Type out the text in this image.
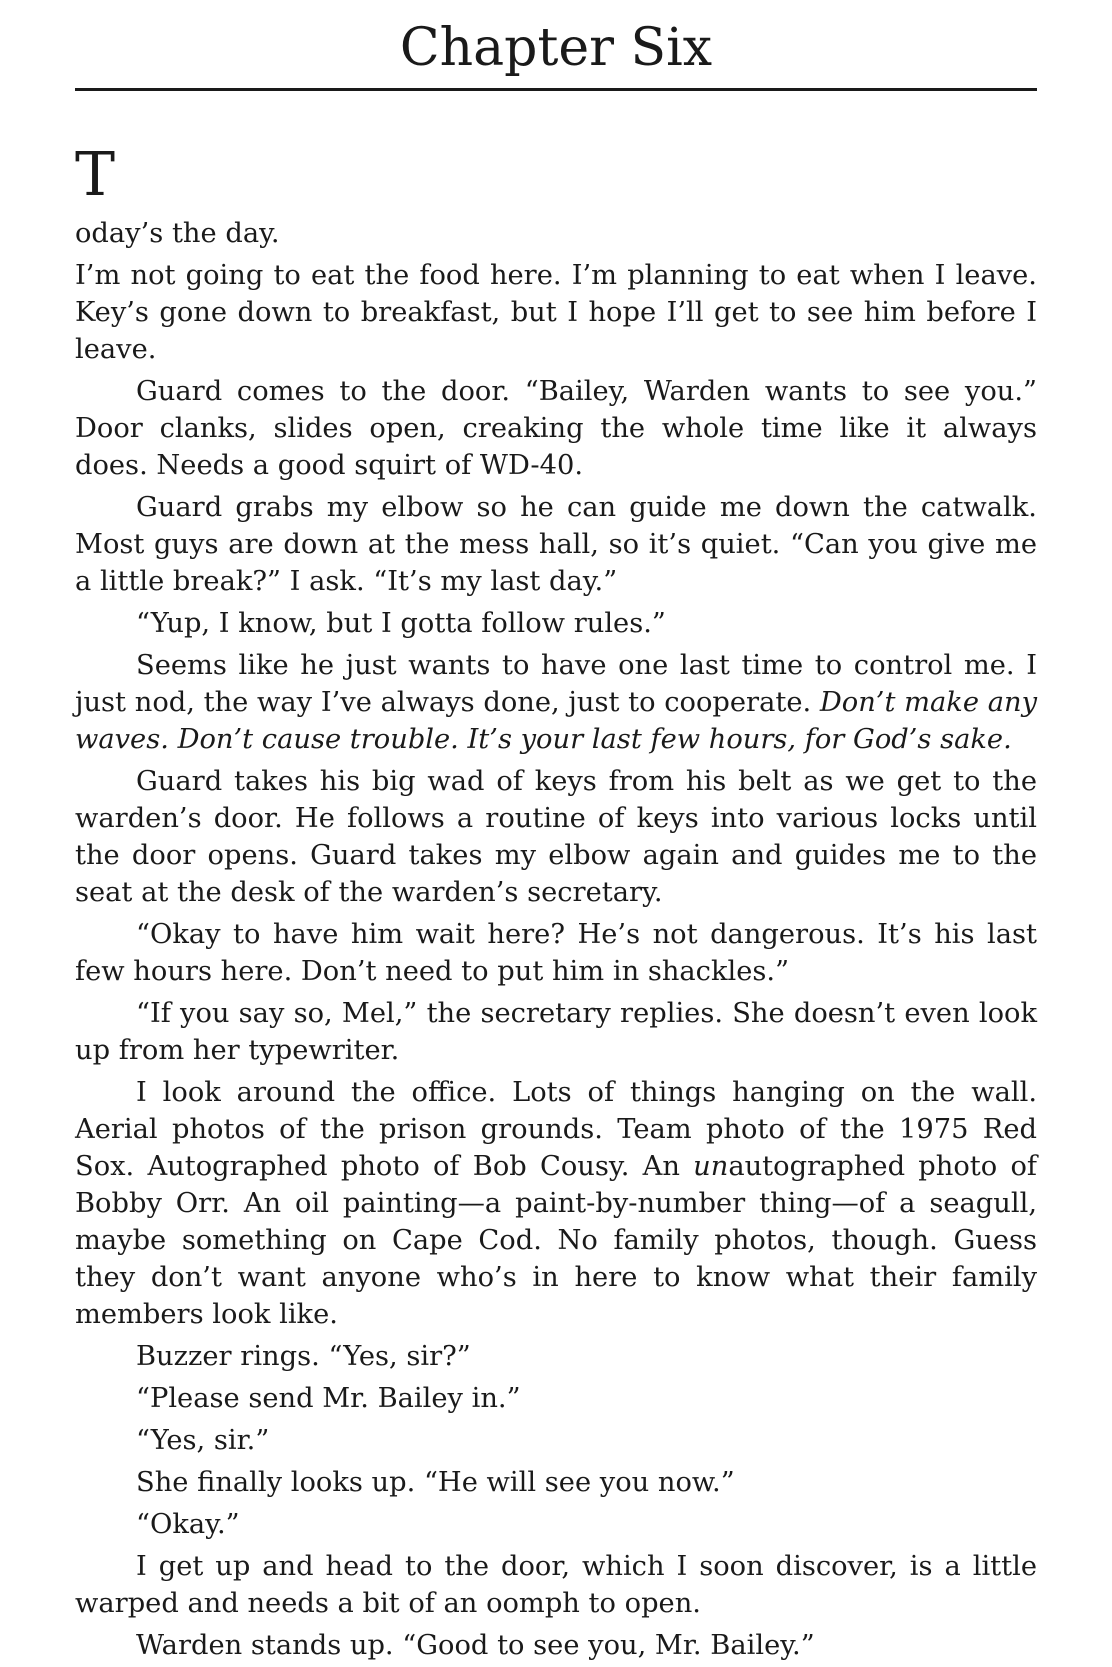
Chapter Six
T

oday’s the day.

I’m not going to eat the food here. I’m planning to eat when I leave. Key’s gone down to breakfast, but I hope I’ll get to see him before I leave.

Guard comes to the door. “Bailey, Warden wants to see you.” Door clanks, slides open, creaking the whole time like it always does. Needs a good squirt of WD-40.

Guard grabs my elbow so he can guide me down the catwalk. Most guys are down at the mess hall, so it’s quiet. “Can you give me a little break?” I ask. “It’s my last day.”

“Yup, I know, but I gotta follow rules.”

Seems like he just wants to have one last time to control me. I just nod, the way I’ve always done, just to cooperate. Don’t make any waves. Don’t cause trouble. It’s your last few hours, for God’s sake.

Guard takes his big wad of keys from his belt as we get to the warden’s door. He follows a routine of keys into various locks until the door opens. Guard takes my elbow again and guides me to the seat at the desk of the warden’s secretary.

“Okay to have him wait here? He’s not dangerous. It’s his last few hours here. Don’t need to put him in shackles.”

“If you say so, Mel,” the secretary replies. She doesn’t even look up from her typewriter.

I look around the office. Lots of things hanging on the wall. Aerial photos of the prison grounds. Team photo of the 1975 Red Sox. Autographed photo of Bob Cousy. An unautographed photo of Bobby Orr. An oil painting—a paint-by-number thing—of a seagull, maybe something on Cape Cod. No family photos, though. Guess they don’t want anyone who’s in here to know what their family members look like.

Buzzer rings. “Yes, sir?”

“Please send Mr. Bailey in.”

“Yes, sir.”

She finally looks up. “He will see you now.”

“Okay.”

I get up and head to the door, which I soon discover, is a little warped and needs a bit of an oomph to open.

Warden stands up. “Good to see you, Mr. Bailey.”
